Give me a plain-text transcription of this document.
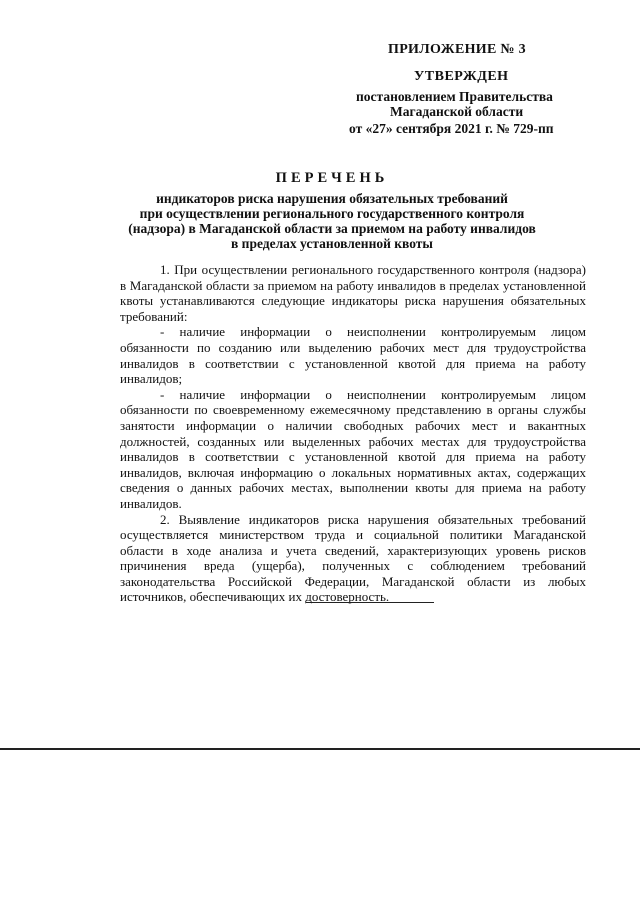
ПРИЛОЖЕНИЕ № 3
УТВЕРЖДЕН
постановлением Правительства
Магаданской области
от «27» сентября 2021 г. № 729-пп
ПЕРЕЧЕНЬ
индикаторов риска нарушения обязательных требований
при осуществлении регионального государственного контроля
(надзора) в Магаданской области за приемом на работу инвалидов
в пределах установленной квоты

1. При осуществлении регионального государственного контроля (надзора) в Магаданской области за приемом на работу инвалидов в пределах установленной квоты устанавливаются следующие индикаторы риска нарушения обязательных требований:

- наличие информации о неисполнении контролируемым лицом обязанности по созданию или выделению рабочих мест для трудоустройства инвалидов в соответствии с установленной квотой для приема на работу инвалидов;

- наличие информации о неисполнении контролируемым лицом обязанности по своевременному ежемесячному представлению в органы службы занятости информации о наличии свободных рабочих мест и вакантных должностей, созданных или выделенных рабочих местах для трудоустройства инвалидов в соответствии с установленной квотой для приема на работу инвалидов, включая информацию о локальных нормативных актах, содержащих сведения о данных рабочих местах, выполнении квоты для приема на работу инвалидов.

2. Выявление индикаторов риска нарушения обязательных требований осуществляется министерством труда и социальной политики Магаданской области в ходе анализа и учета сведений, характеризующих уровень рисков причинения вреда (ущерба), полученных с соблюдением требований законодательства Российской Федерации, Магаданской области из любых источников, обеспечивающих их достоверность.
